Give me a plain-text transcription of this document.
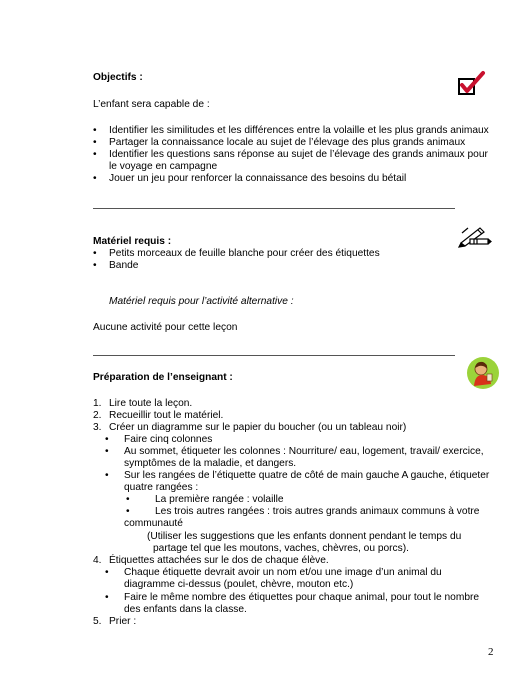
Objectifs :
L’enfant sera capable de :
• Identifier les similitudes et les différences entre la volaille et les plus grands animaux
• Partager la connaissance locale au sujet de l’élevage des plus grands animaux
• Identifier les questions sans réponse au sujet de l’élevage des grands animaux pour
le voyage en campagne
• Jouer un jeu pour renforcer la connaissance des besoins du bétail
Matériel requis :
• Petits morceaux de feuille blanche pour créer des étiquettes
• Bande
Matériel requis pour l’activité alternative :
Aucune activité pour cette leçon
Préparation de l’enseignant :
1. Lire toute la leçon.
2. Recueillir tout le matériel.
3. Créer un diagramme sur le papier du boucher (ou un tableau noir)
• Faire cinq colonnes
• Au sommet, étiqueter les colonnes : Nourriture/ eau, logement, travail/ exercice,
symptômes de la maladie, et dangers.
• Sur les rangées de l’étiquette quatre de côté de main gauche A gauche, étiqueter
quatre rangées :
• La première rangée : volaille
• Les trois autres rangées : trois autres grands animaux communs à votre
communauté
(Utiliser les suggestions que les enfants donnent pendant le temps du
partage tel que les moutons, vaches, chèvres, ou porcs).
4. Étiquettes attachées sur le dos de chaque élève.
• Chaque étiquette devrait avoir un nom et/ou une image d’un animal du
diagramme ci-dessus (poulet, chèvre, mouton etc.)
• Faire le même nombre des étiquettes pour chaque animal, pour tout le nombre
des enfants dans la classe.
5. Prier :
2
